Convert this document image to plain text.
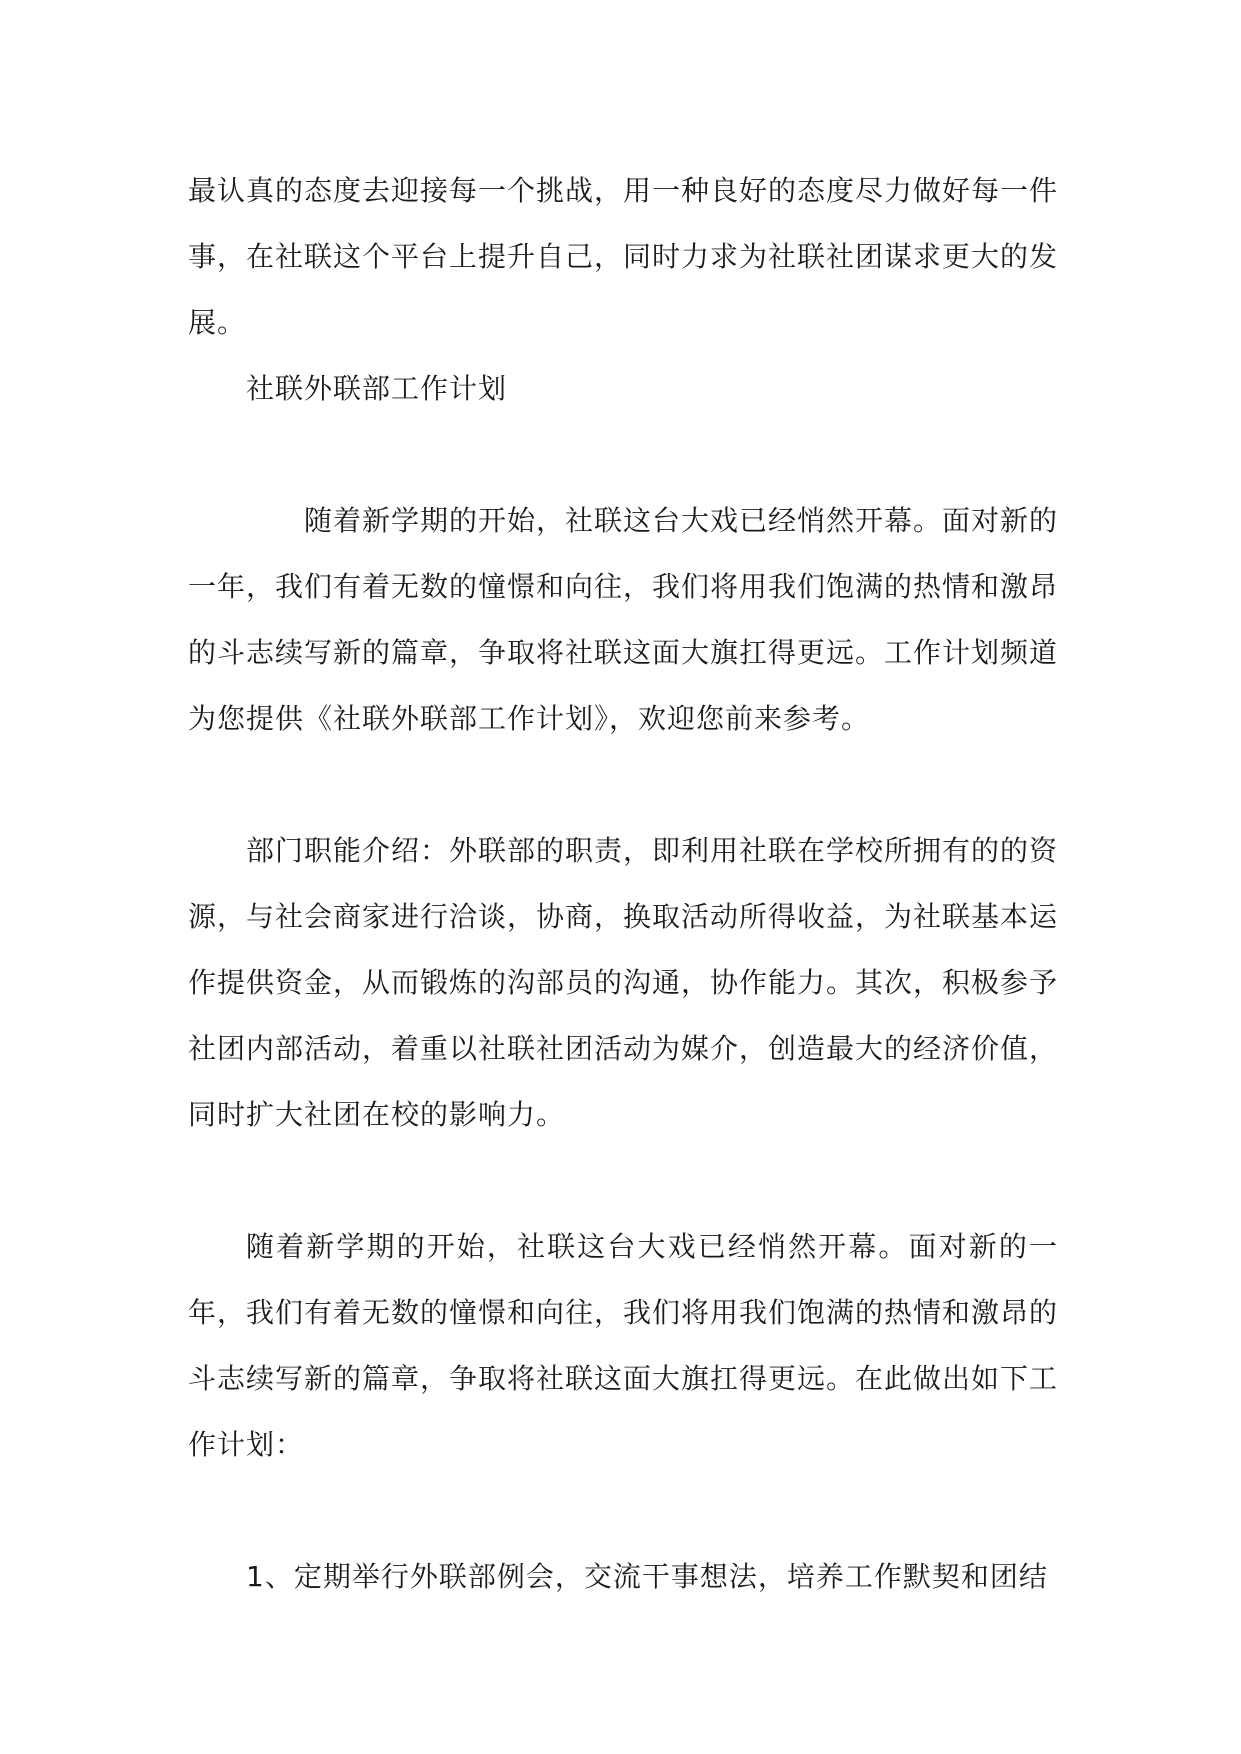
最认真的态度去迎接每一个挑战，用一种良好的态度尽力做好每一件事，在社联这个平台上提升自己，同时力求为社联社团谋求更大的发展。

社联外联部工作计划

随着新学期的开始，社联这台大戏已经悄然开幕。面对新的一年，我们有着无数的憧憬和向往，我们将用我们饱满的热情和激昂的斗志续写新的篇章，争取将社联这面大旗扛得更远。工作计划频道为您提供《社联外联部工作计划》，欢迎您前来参考。

部门职能介绍：外联部的职责，即利用社联在学校所拥有的的资源，与社会商家进行洽谈，协商，换取活动所得收益，为社联基本运作提供资金，从而锻炼的沟部员的沟通，协作能力。其次，积极参予社团内部活动，着重以社联社团活动为媒介，创造最大的经济价值，同时扩大社团在校的影响力。

随着新学期的开始，社联这台大戏已经悄然开幕。面对新的一年，我们有着无数的憧憬和向往，我们将用我们饱满的热情和激昂的斗志续写新的篇章，争取将社联这面大旗扛得更远。在此做出如下工作计划：

1、定期举行外联部例会，交流干事想法，培养工作默契和团结
